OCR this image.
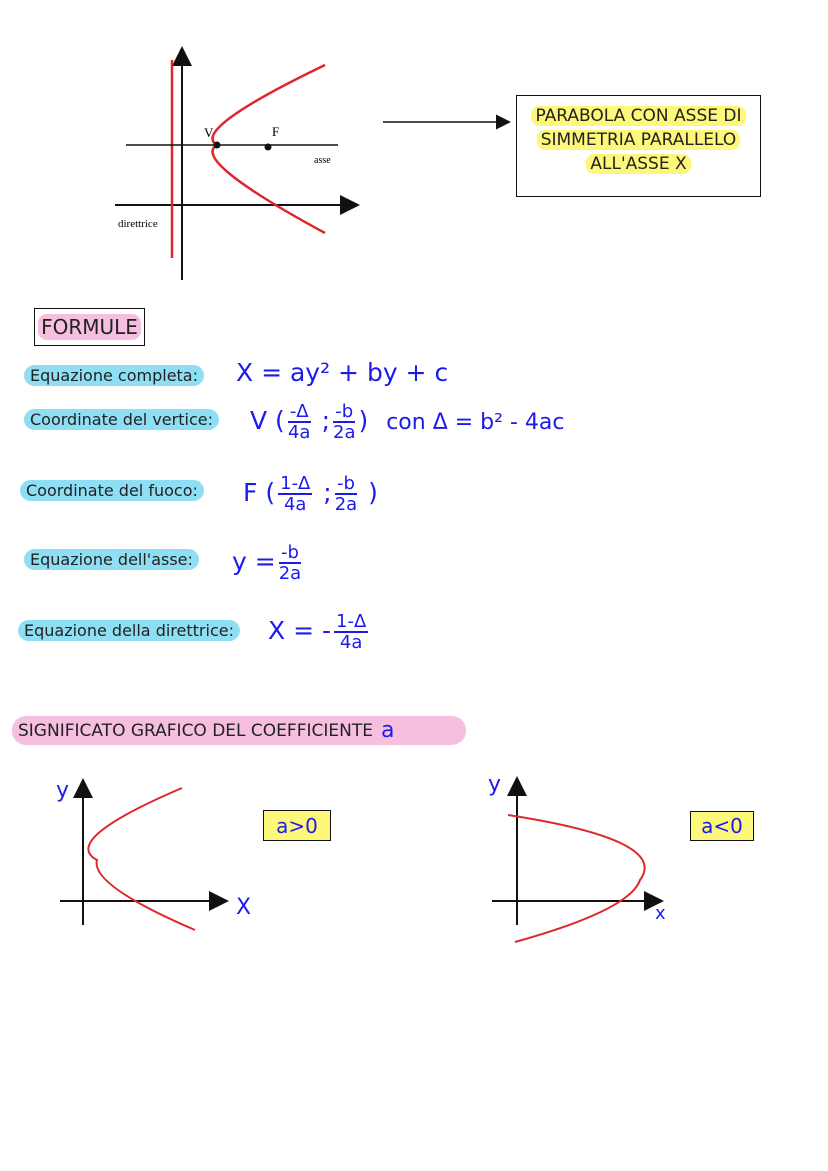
V	F
asse
direttrice
PARABOLA CON ASSE DI
SIMMETRIA PARALLELO
ALL'ASSE X
FORMULE
Equazione completa: X = ay² + by + c
Coordinate del vertice: V ( $\frac{-\Delta}{4a}$ ; $\frac{-b}{2a}$ ) con Δ = b² - 4ac
Coordinate del fuoco: F ( $\frac{1-\Delta}{4a}$ ; $\frac{-b}{2a}$ )
Equazione dell'asse: $y = \frac{-b}{2a}$
Equazione della direttrice: X = - $\frac{1-\Delta}{4a}$
SIGNIFICATO GRAFICO DEL COEFFICIENTE a
y
X
a>0
y
x
a<0
